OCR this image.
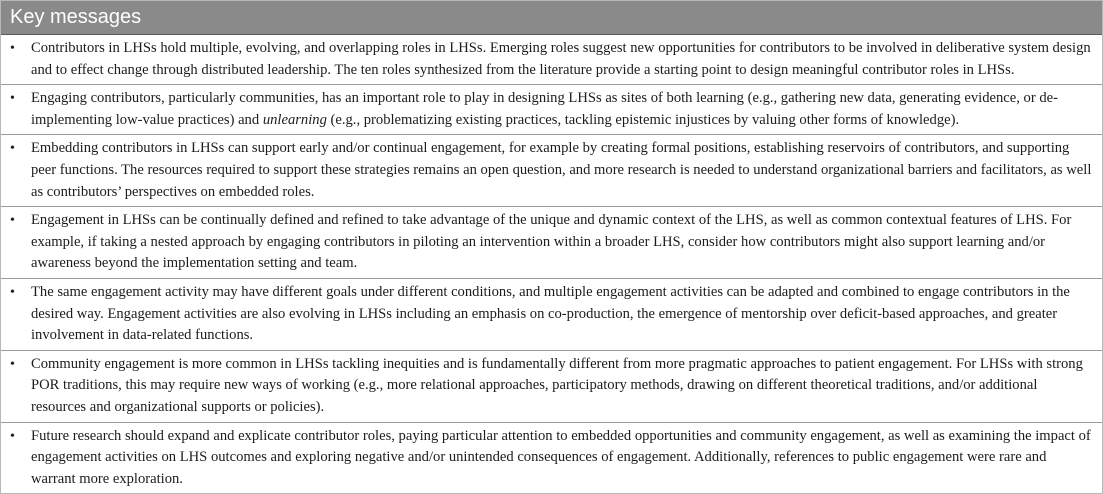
Key messages
• Contributors in LHSs hold multiple, evolving, and overlapping roles in LHSs. Emerging roles suggest new opportunities for contributors to be involved in deliberative system design and to effect change through distributed leadership. The ten roles synthesized from the literature provide a starting point to design meaningful contributor roles in LHSs.
• Engaging contributors, particularly communities, has an important role to play in designing LHSs as sites of both learning (e.g., gathering new data, generating evidence, or de-implementing low-value practices) and unlearning (e.g., problematizing existing practices, tackling epistemic injustices by valuing other forms of knowledge).
• Embedding contributors in LHSs can support early and/or continual engagement, for example by creating formal positions, establishing reservoirs of contributors, and supporting peer functions. The resources required to support these strategies remains an open question, and more research is needed to understand organizational barriers and facilitators, as well as contributors’ perspectives on embedded roles.
• Engagement in LHSs can be continually defined and refined to take advantage of the unique and dynamic context of the LHS, as well as common contextual features of LHS. For example, if taking a nested approach by engaging contributors in piloting an intervention within a broader LHS, consider how contributors might also support learning and/or awareness beyond the implementation setting and team.
• The same engagement activity may have different goals under different conditions, and multiple engagement activities can be adapted and combined to engage contributors in the desired way. Engagement activities are also evolving in LHSs including an emphasis on co-production, the emergence of mentorship over deficit-based approaches, and greater involvement in data-related functions.
• Community engagement is more common in LHSs tackling inequities and is fundamentally different from more pragmatic approaches to patient engagement. For LHSs with strong POR traditions, this may require new ways of working (e.g., more relational approaches, participatory methods, drawing on different theoretical traditions, and/or additional resources and organizational supports or policies).
• Future research should expand and explicate contributor roles, paying particular attention to embedded opportunities and community engagement, as well as examining the impact of engagement activities on LHS outcomes and exploring negative and/or unintended consequences of engagement. Additionally, references to public engagement were rare and warrant more exploration.
